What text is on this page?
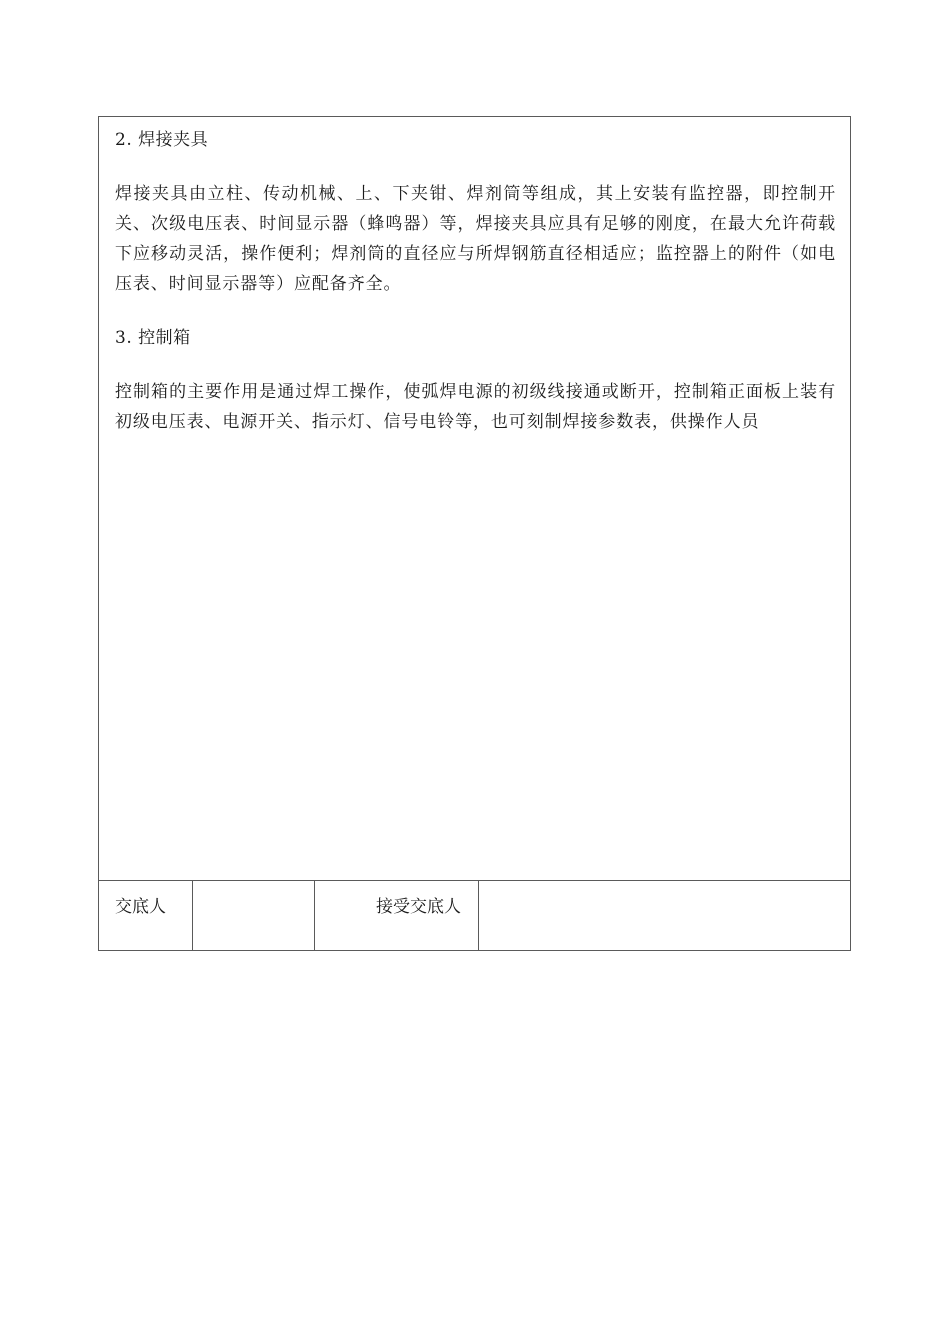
2. 焊接夹具

焊接夹具由立柱、传动机械、上、下夹钳、焊剂筒等组成，其上安装有监控器，即控制开关、次级电压表、时间显示器（蜂鸣器）等，焊接夹具应具有足够的刚度，在最大允许荷载下应移动灵活，操作便利；焊剂筒的直径应与所焊钢筋直径相适应；监控器上的附件（如电压表、时间显示器等）应配备齐全。

3. 控制箱

控制箱的主要作用是通过焊工操作，使弧焊电源的初级线接通或断开，控制箱正面板上装有初级电压表、电源开关、指示灯、信号电铃等，也可刻制焊接参数表，供操作人员

交底人	接受交底人
